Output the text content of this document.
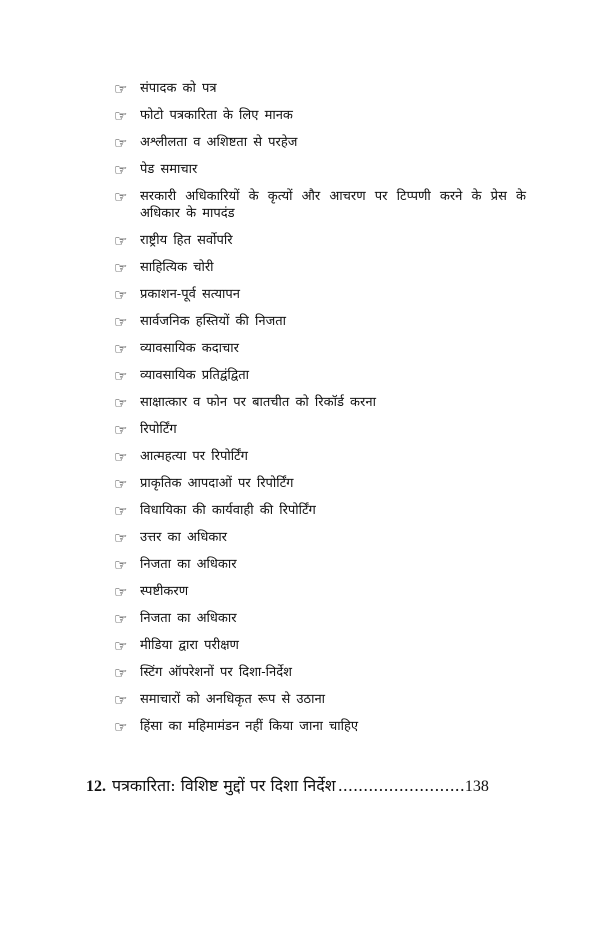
☞ संपादक को पत्र
☞ फोटो पत्रकारिता के लिए मानक
☞ अश्लीलता व अशिष्टता से परहेज
☞ पेड समाचार
☞ सरकारी अधिकारियों के कृत्यों और आचरण पर टिप्पणी करने के प्रेस के अधिकार के मापदंड
☞ राष्ट्रीय हित सर्वोपरि
☞ साहित्यिक चोरी
☞ प्रकाशन-पूर्व सत्यापन
☞ सार्वजनिक हस्तियों की निजता
☞ व्यावसायिक कदाचार
☞ व्यावसायिक प्रतिद्वंद्विता
☞ साक्षात्कार व फोन पर बातचीत को रिकॉर्ड करना
☞ रिपोर्टिंग
☞ आत्महत्या पर रिपोर्टिंग
☞ प्राकृतिक आपदाओं पर रिपोर्टिंग
☞ विधायिका की कार्यवाही की रिपोर्टिंग
☞ उत्तर का अधिकार
☞ निजता का अधिकार
☞ स्पष्टीकरण
☞ निजता का अधिकार
☞ मीडिया द्वारा परीक्षण
☞ स्टिंग ऑपरेशनों पर दिशा-निर्देश
☞ समाचारों को अनधिकृत रूप से उठाना
☞ हिंसा का महिमामंडन नहीं किया जाना चाहिए
12. पत्रकारिता: विशिष्ट मुद्दों पर दिशा निर्देश ......................... 138
